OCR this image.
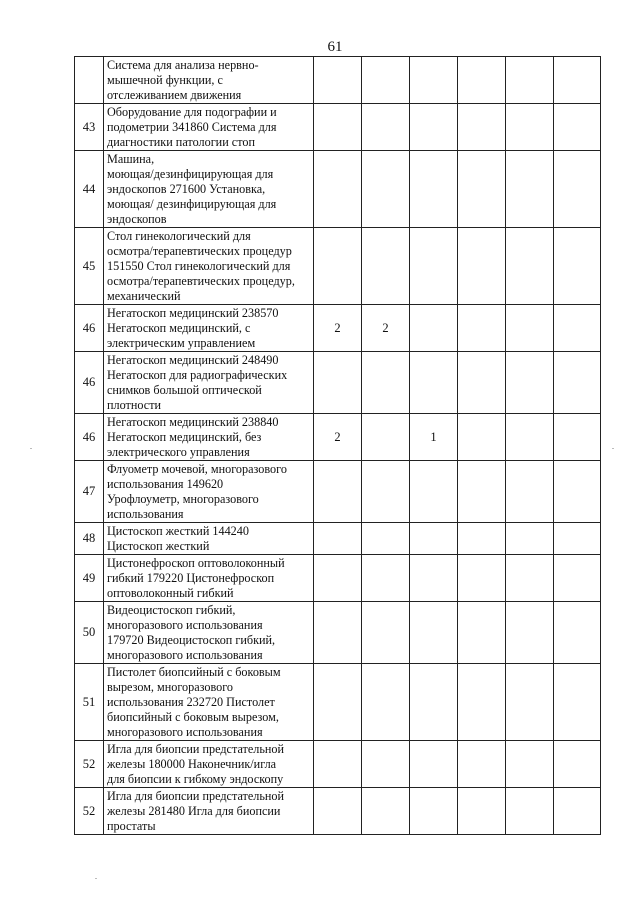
61
	Система для анализа нервно-
мышечной функции, с
отслеживанием движения						
43	Оборудование для подографии и
подометрии 341860 Система для
диагностики патологии стоп						
44	Машина,
моющая/дезинфицирующая для
эндоскопов 271600 Установка,
моющая/ дезинфицирующая для
эндоскопов						
45	Стол гинекологический для
осмотра/терапевтических процедур
151550 Стол гинекологический для
осмотра/терапевтических процедур,
механический						
46	Негатоскоп медицинский 238570
Негатоскоп медицинский, с
электрическим управлением	2	2				
46	Негатоскоп медицинский 248490
Негатоскоп для радиографических
снимков большой оптической
плотности						
46	Негатоскоп медицинский 238840
Негатоскоп медицинский, без
электрического управления	2		1			
47	Флуометр мочевой, многоразового
использования 149620
Урофлоуметр, многоразового
использования						
48	Цистоскоп жесткий 144240
Цистоскоп жесткий						
49	Цистонефроскоп оптоволоконный
гибкий 179220 Цистонефроскоп
оптоволоконный гибкий						
50	Видеоцистоскоп гибкий,
многоразового использования
179720 Видеоцистоскоп гибкий,
многоразового использования						
51	Пистолет биопсийный с боковым
вырезом, многоразового
использования 232720 Пистолет
биопсийный с боковым вырезом,
многоразового использования						
52	Игла для биопсии предстательной
железы 180000 Наконечник/игла
для биопсии к гибкому эндоскопу						
52	Игла для биопсии предстательной
железы 281480 Игла для биопсии
простаты						
